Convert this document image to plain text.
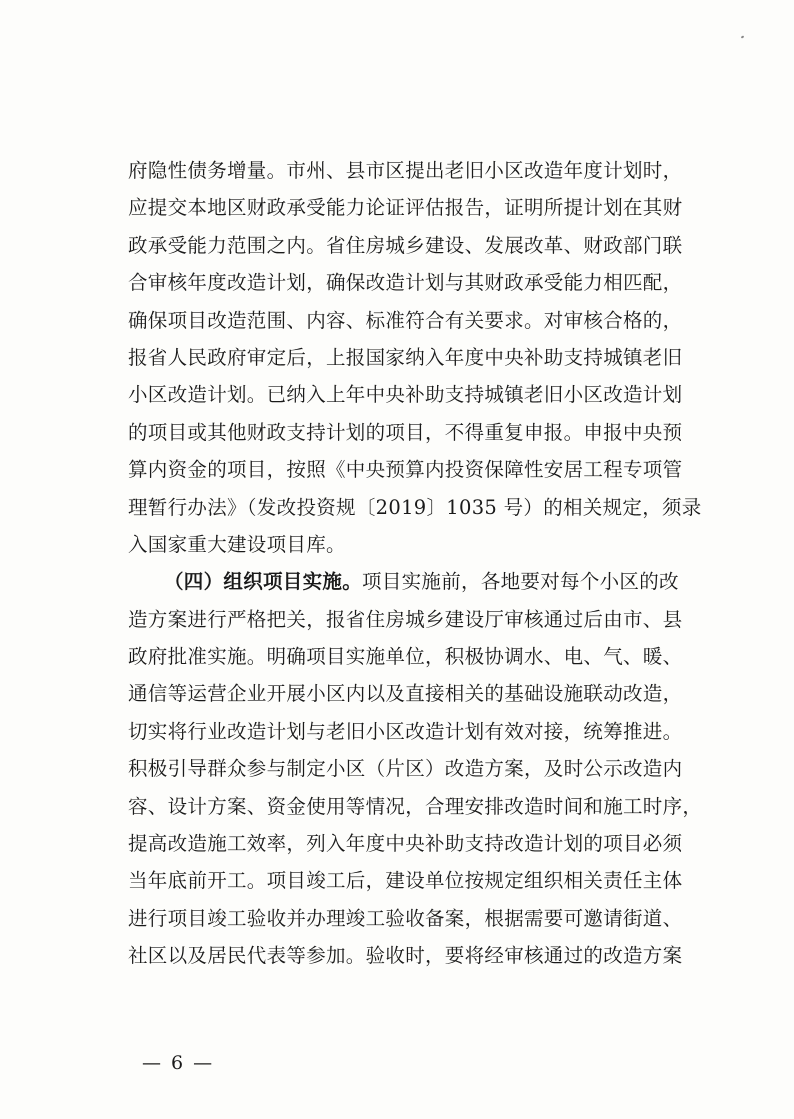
府隐性债务增量。市州、县市区提出老旧小区改造年度计划时，
应提交本地区财政承受能力论证评估报告，证明所提计划在其财
政承受能力范围之内。省住房城乡建设、发展改革、财政部门联
合审核年度改造计划，确保改造计划与其财政承受能力相匹配，
确保项目改造范围、内容、标准符合有关要求。对审核合格的，
报省人民政府审定后，上报国家纳入年度中央补助支持城镇老旧
小区改造计划。已纳入上年中央补助支持城镇老旧小区改造计划
的项目或其他财政支持计划的项目，不得重复申报。申报中央预
算内资金的项目，按照《中央预算内投资保障性安居工程专项管
理暂行办法》（发改投资规〔2019〕1035 号）的相关规定，须录
入国家重大建设项目库。
（四）组织项目实施。项目实施前，各地要对每个小区的改
造方案进行严格把关，报省住房城乡建设厅审核通过后由市、县
政府批准实施。明确项目实施单位，积极协调水、电、气、暖、
通信等运营企业开展小区内以及直接相关的基础设施联动改造，
切实将行业改造计划与老旧小区改造计划有效对接，统筹推进。
积极引导群众参与制定小区（片区）改造方案，及时公示改造内
容、设计方案、资金使用等情况，合理安排改造时间和施工时序，
提高改造施工效率，列入年度中央补助支持改造计划的项目必须
当年底前开工。项目竣工后，建设单位按规定组织相关责任主体
进行项目竣工验收并办理竣工验收备案，根据需要可邀请街道、
社区以及居民代表等参加。验收时，要将经审核通过的改造方案
— 6 —
